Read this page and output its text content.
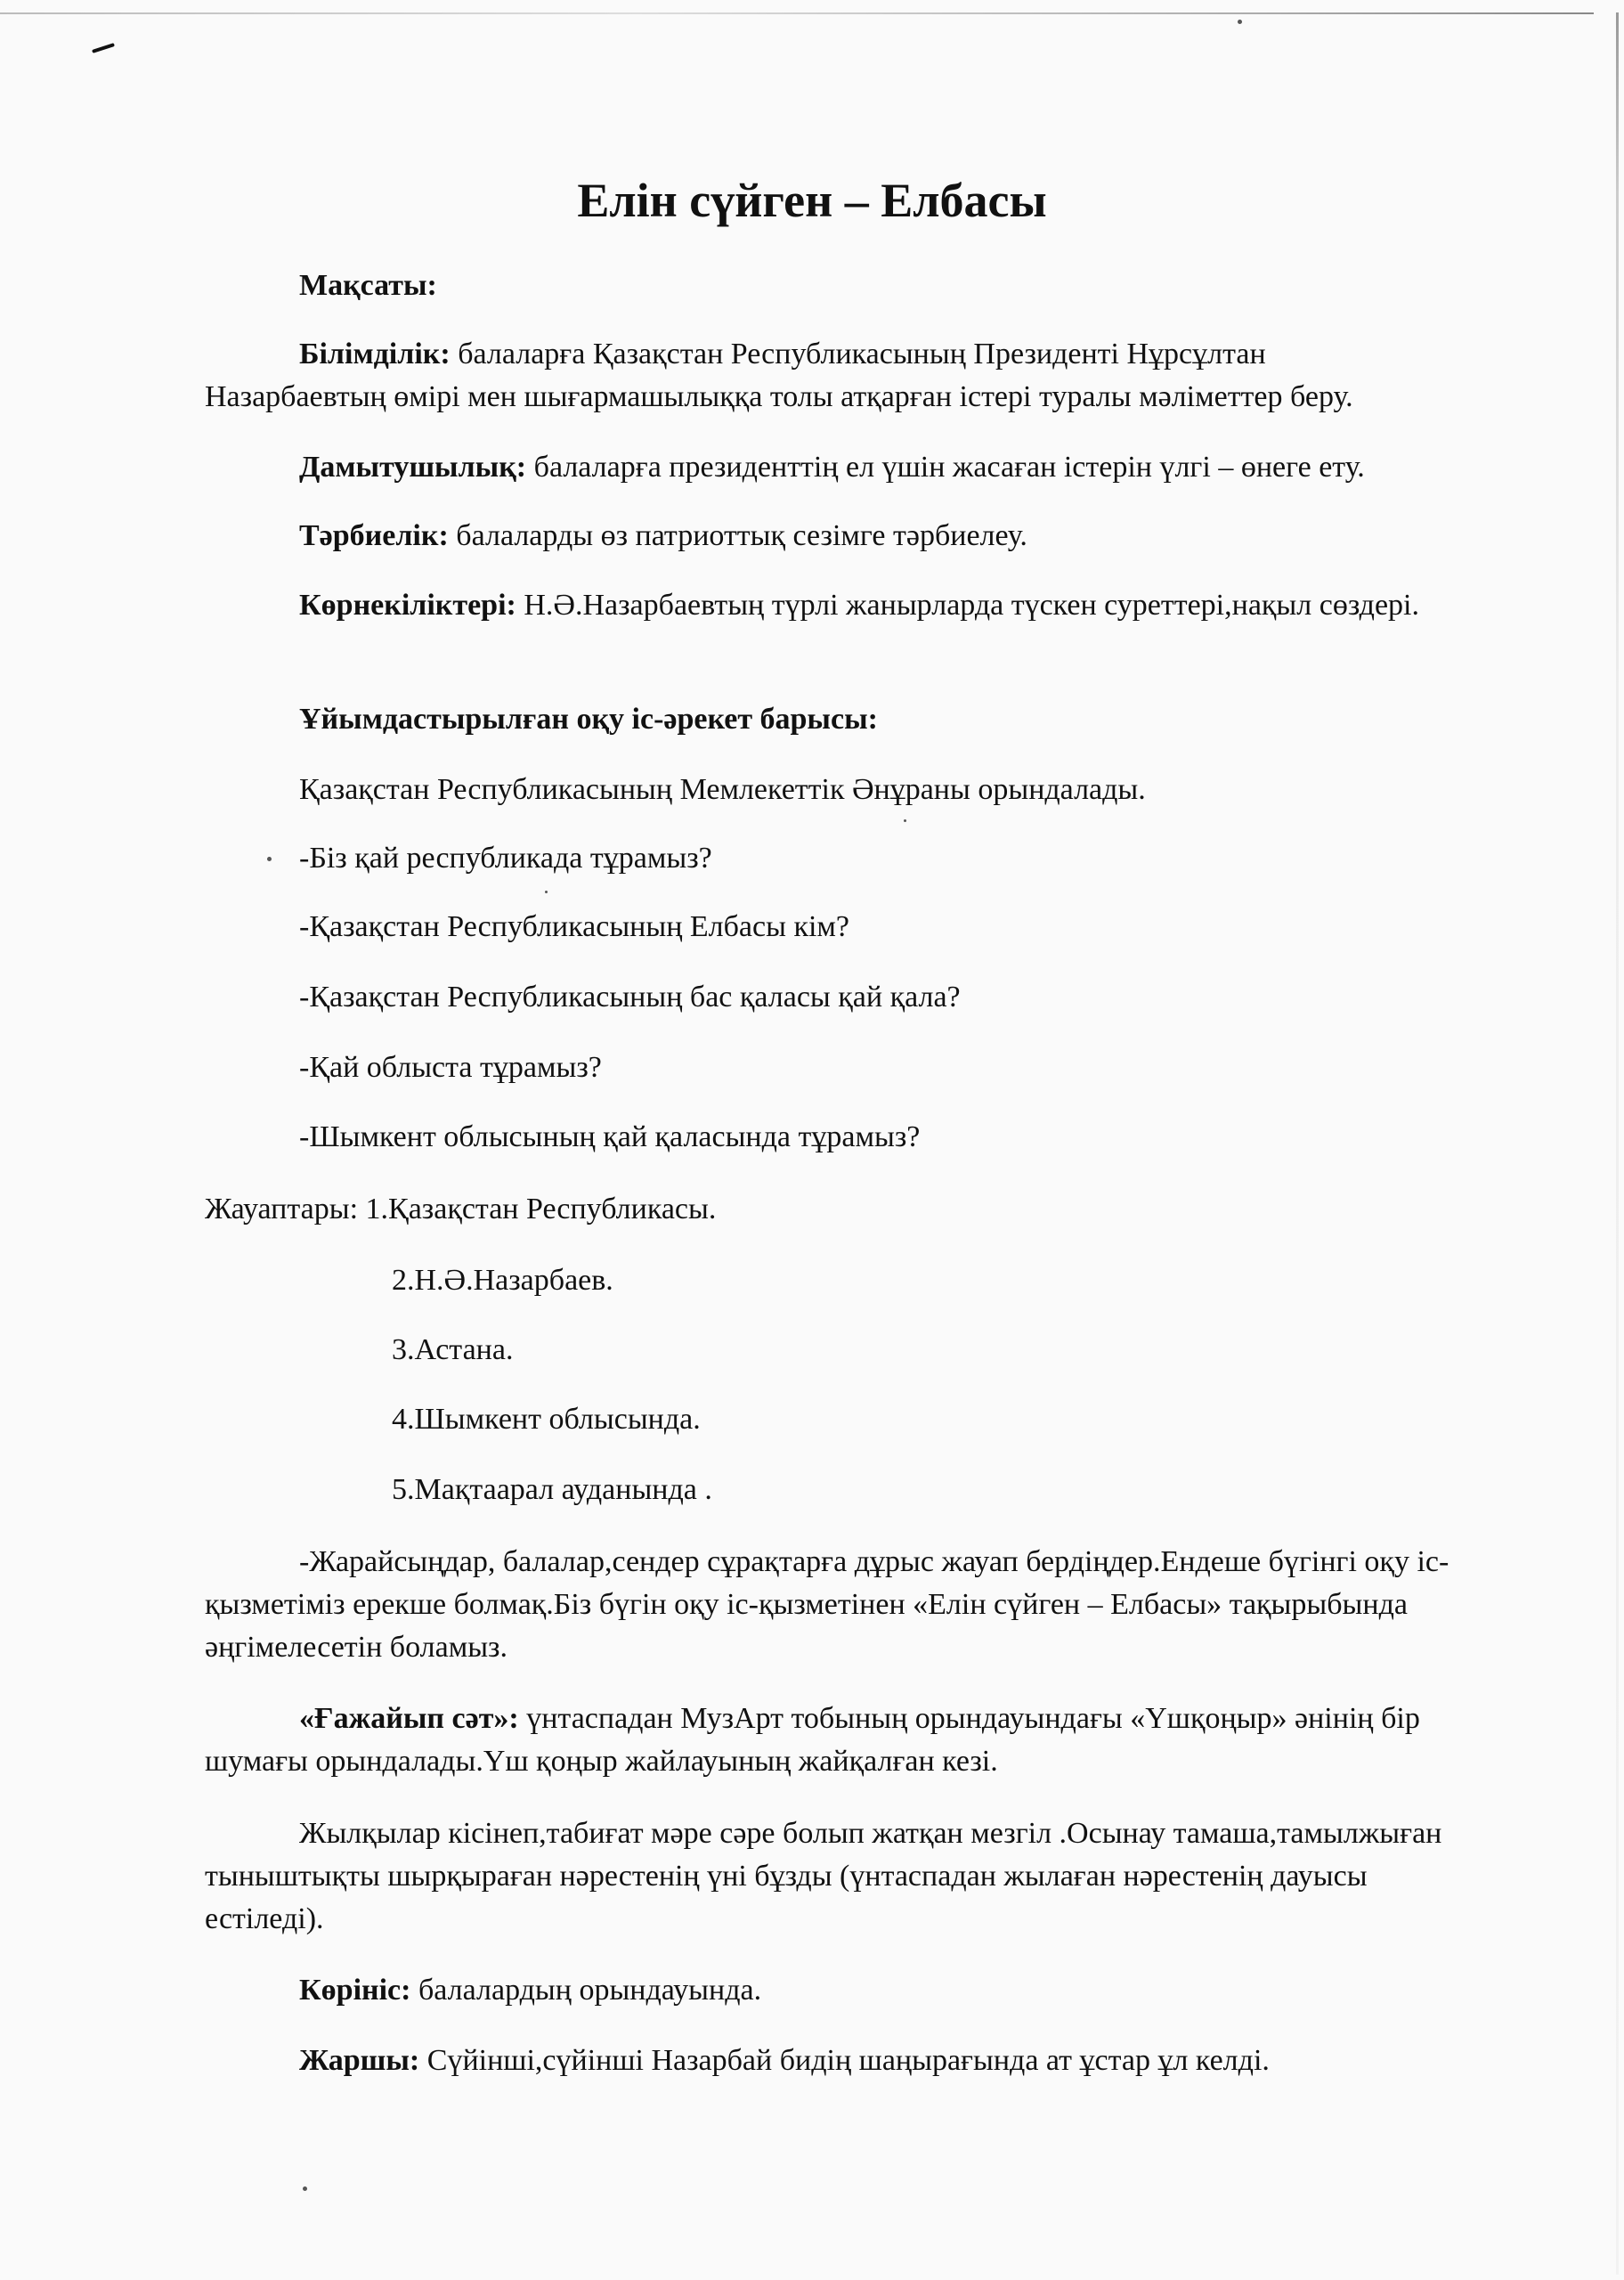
Елін сүйген – Елбасы

Мақсаты:

Білімділік: балаларға Қазақстан Республикасының Президенті Нұрсұлтан Назарбаевтың өмірі мен шығармашылыққа толы атқарған істері туралы мәліметтер беру.

Дамытушылық: балаларға президенттің ел үшін жасаған істерін үлгі – өнеге ету.

Тәрбиелік: балаларды өз патриоттық сезімге тәрбиелеу.

Көрнекіліктері: Н.Ә.Назарбаевтың түрлі жанырларда түскен суреттері,нақыл сөздері.

Ұйымдастырылған оқу іс-әрекет барысы:

Қазақстан Республикасының Мемлекеттік Әнұраны орындалады.

-Біз қай республикада тұрамыз?

-Қазақстан Республикасының Елбасы кім?

-Қазақстан Республикасының бас қаласы қай қала?

-Қай облыста тұрамыз?

-Шымкент облысының қай қаласында тұрамыз?

Жауаптары: 1.Қазақстан Республикасы.

2.Н.Ә.Назарбаев.

3.Астана.

4.Шымкент облысында.

5.Мақтаарал ауданында .

-Жарайсыңдар, балалар,сендер сұрақтарға дұрыс жауап бердіңдер.Ендеше бүгінгі оқу іс-қызметіміз ерекше болмақ.Біз бүгін оқу іс-қызметінен «Елін сүйген – Елбасы» тақырыбында әңгімелесетін боламыз.

«Ғажайып сәт»: үнтаспадан МузАрт тобының орындауындағы «Үшқоңыр» әнінің бір шумағы орындалады.Үш қоңыр жайлауының жайқалған кезі.

Жылқылар кісінеп,табиғат мәре сәре болып жатқан мезгіл .Осынау тамаша,тамылжыған тыныштықты шырқыраған нәрестенің үні бұзды (үнтаспадан жылаған нәрестенің дауысы естіледі).

Көрініс: балалардың орындауында.

Жаршы: Сүйінші,сүйінші Назарбай бидің шаңырағында ат ұстар ұл келді.
